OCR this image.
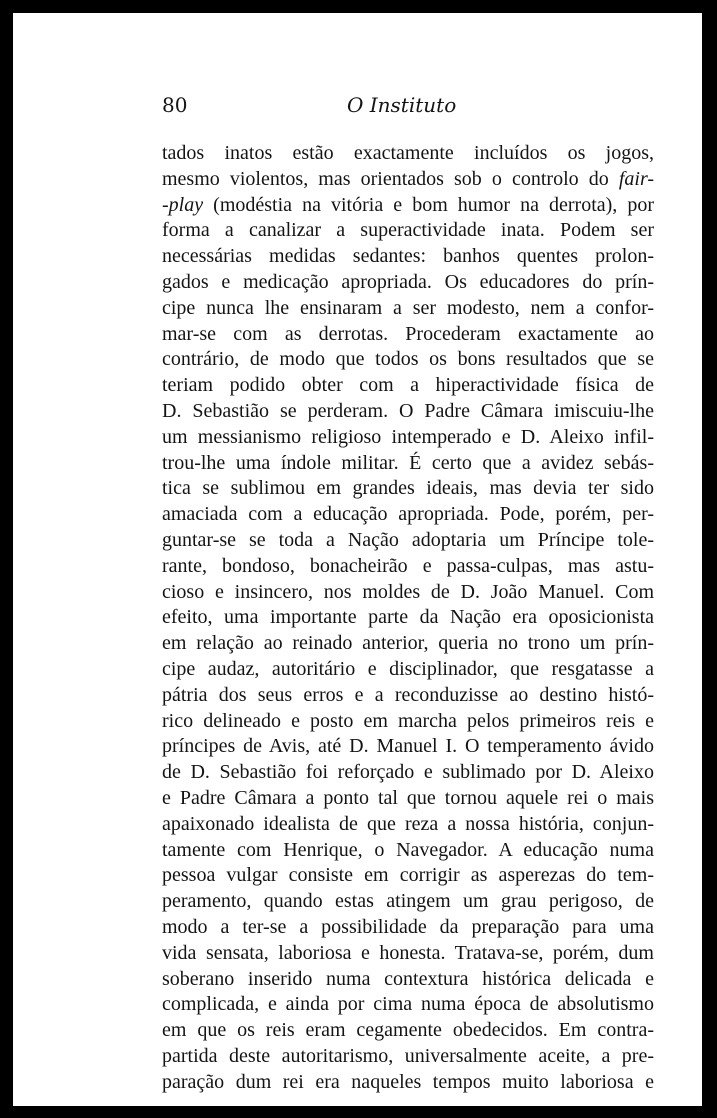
80	O Instituto
tados inatos estão exactamente incluídos os jogos,
mesmo violentos, mas orientados sob o controlo do fair-
-play (modéstia na vitória e bom humor na derrota), por
forma a canalizar a superactividade inata. Podem ser
necessárias medidas sedantes: banhos quentes prolon-
gados e medicação apropriada. Os educadores do prín-
cipe nunca lhe ensinaram a ser modesto, nem a confor-
mar-se com as derrotas. Procederam exactamente ao
contrário, de modo que todos os bons resultados que se
teriam podido obter com a hiperactividade física de
D. Sebastião se perderam. O Padre Câmara imiscuiu-lhe
um messianismo religioso intemperado e D. Aleixo infil-
trou-lhe uma índole militar. É certo que a avidez sebás-
tica se sublimou em grandes ideais, mas devia ter sido
amaciada com a educação apropriada. Pode, porém, per-
guntar-se se toda a Nação adoptaria um Príncipe tole-
rante, bondoso, bonacheirão e passa-culpas, mas astu-
cioso e insincero, nos moldes de D. João Manuel. Com
efeito, uma importante parte da Nação era oposicionista
em relação ao reinado anterior, queria no trono um prín-
cipe audaz, autoritário e disciplinador, que resgatasse a
pátria dos seus erros e a reconduzisse ao destino histó-
rico delineado e posto em marcha pelos primeiros reis e
príncipes de Avis, até D. Manuel I. O temperamento ávido
de D. Sebastião foi reforçado e sublimado por D. Aleixo
e Padre Câmara a ponto tal que tornou aquele rei o mais
apaixonado idealista de que reza a nossa história, conjun-
tamente com Henrique, o Navegador. A educação numa
pessoa vulgar consiste em corrigir as asperezas do tem-
peramento, quando estas atingem um grau perigoso, de
modo a ter-se a possibilidade da preparação para uma
vida sensata, laboriosa e honesta. Tratava-se, porém, dum
soberano inserido numa contextura histórica delicada e
complicada, e ainda por cima numa época de absolutismo
em que os reis eram cegamente obedecidos. Em contra-
partida deste autoritarismo, universalmente aceite, a pre-
paração dum rei era naqueles tempos muito laboriosa e
